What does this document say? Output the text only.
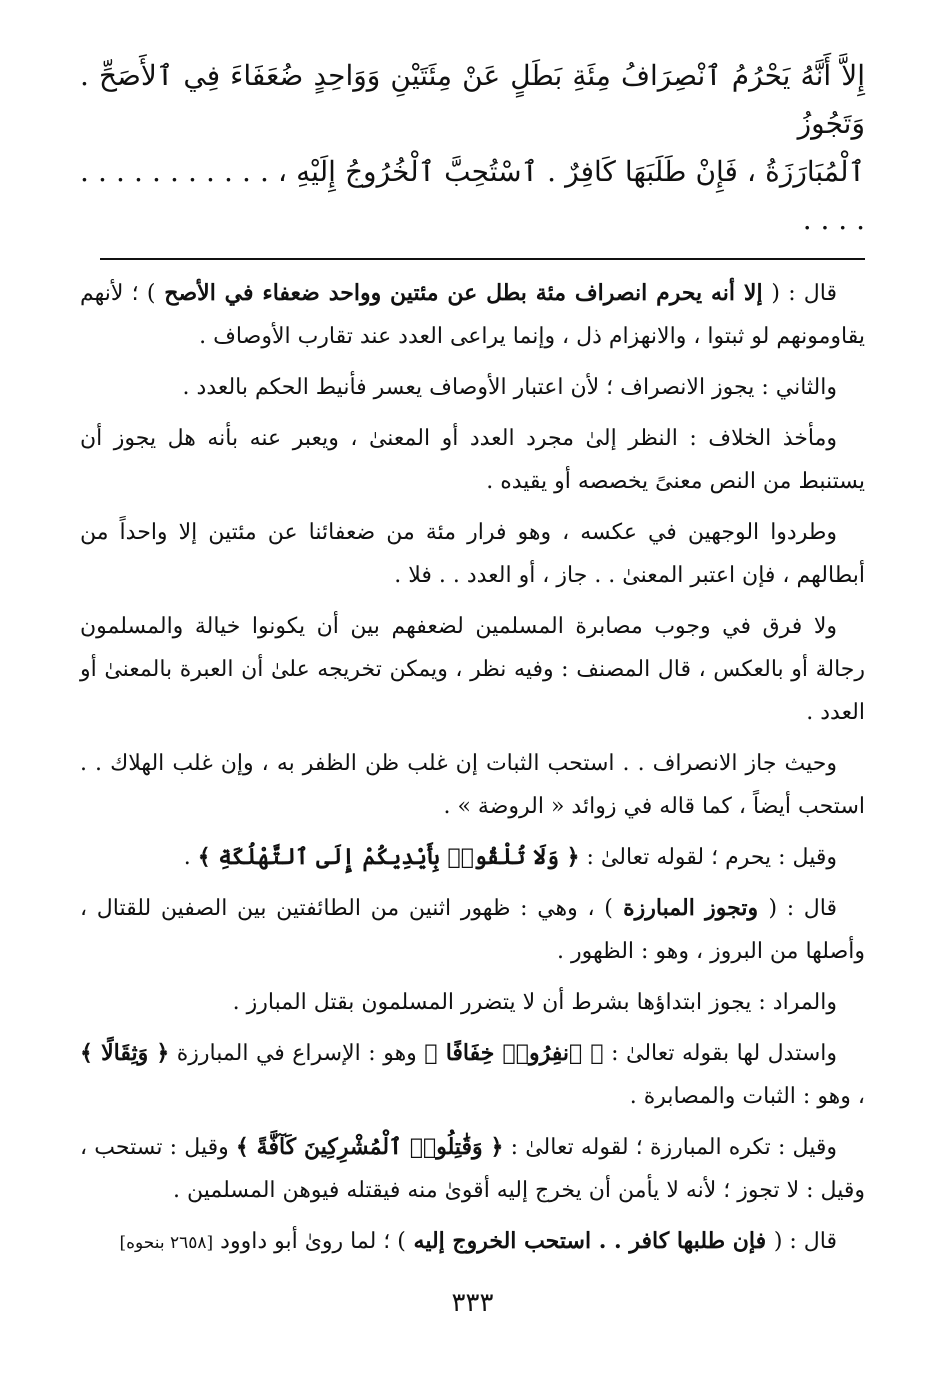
إِلاَّ أَنَّهُ يَحْرُمُ ٱنْصِرَافُ مِئَةِ بَطَلٍ عَنْ مِئَتَيْنِ وَوَاحِدٍ ضُعَفَاءَ فِي ٱلأَصَحِّ . وَتَجُوزُ

ٱلْمُبَارَزَةُ ، فَإِنْ طَلَبَهَا كَافِرٌ . ٱسْتُحِبَّ ٱلْخُرُوجُ إِلَيْهِ ، . . . . . . . . . . . . . . .

قال : ( إلا أنه يحرم انصراف مئة بطل عن مئتين وواحد ضعفاء في الأصح ) ؛ لأنهم يقاومونهم لو ثبتوا ، والانهزام ذل ، وإنما يراعى العدد عند تقارب الأوصاف .

والثاني : يجوز الانصراف ؛ لأن اعتبار الأوصاف يعسر فأنيط الحكم بالعدد .

ومأخذ الخلاف : النظر إلىٰ مجرد العدد أو المعنىٰ ، ويعبر عنه بأنه هل يجوز أن يستنبط من النص معنىً يخصصه أو يقيده .

وطردوا الوجهين في عكسه ، وهو فرار مئة من ضعفائنا عن مئتين إلا واحداً من أبطالهم ، فإن اعتبر المعنىٰ . . جاز ، أو العدد . . فلا .

ولا فرق في وجوب مصابرة المسلمين لضعفهم بين أن يكونوا خيالة والمسلمون رجالة أو بالعكس ، قال المصنف : وفيه نظر ، ويمكن تخريجه علىٰ أن العبرة بالمعنىٰ أو العدد .

وحيث جاز الانصراف . . استحب الثبات إن غلب ظن الظفر به ، وإن غلب الهلاك . . استحب أيضاً ، كما قاله في زوائد « الروضة » .

وقيل : يحرم ؛ لقوله تعالىٰ : ﴿ وَلَا تُلْقُوا۟ بِأَيْدِيكُمْ إِلَى ٱلتَّهْلُكَةِ ﴾ .

قال : ( وتجوز المبارزة ) ، وهي : ظهور اثنين من الطائفتين بين الصفين للقتال ، وأصلها من البروز ، وهو : الظهور .

والمراد : يجوز ابتداؤها بشرط أن لا يتضرر المسلمون بقتل المبارز .

واستدل لها بقوله تعالىٰ : ﴿ ٱنفِرُوا۟ خِفَافًا ﴾ وهو : الإسراع في المبارزة ﴿ وَثِقَالًا ﴾ ، وهو : الثبات والمصابرة .

وقيل : تكره المبارزة ؛ لقوله تعالىٰ : ﴿ وَقَٰتِلُوا۟ ٱلْمُشْرِكِينَ كَآفَّةً ﴾ وقيل : تستحب ، وقيل : لا تجوز ؛ لأنه لا يأمن أن يخرج إليه أقوىٰ منه فيقتله فيوهن المسلمين .

قال : ( فإن طلبها كافر . . استحب الخروج إليه ) ؛ لما روىٰ أبو داوود [٢٦٥٨ بنحوه]

٣٣٣
